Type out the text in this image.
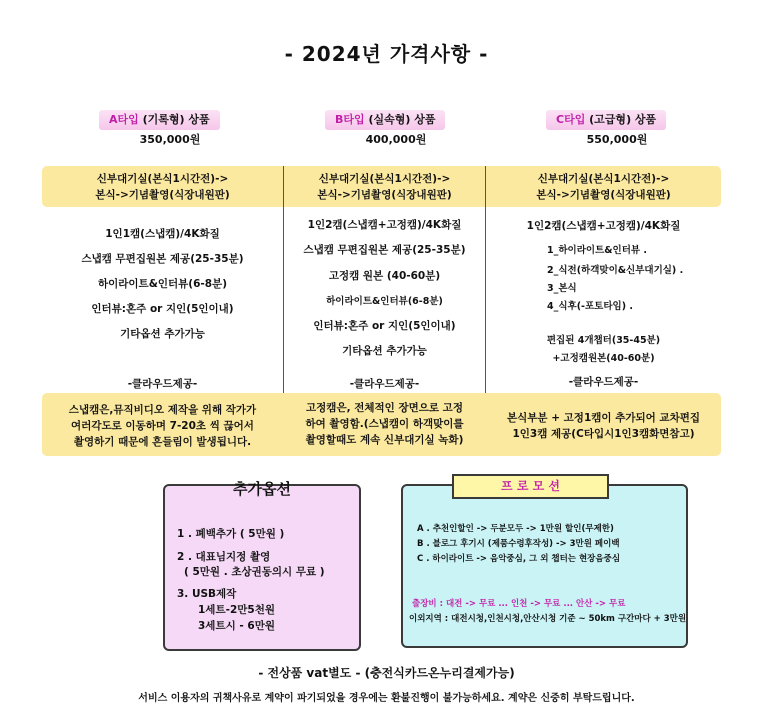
- 2024년 가격사항 -
A타입 (기록형) 상품
350,000원
B타입 (실속형) 상품
400,000원
C타입 (고급형) 상품
550,000원
신부대기실(본식1시간전)->
본식->기념촬영(식장내원판)
신부대기실(본식1시간전)->
본식->기념촬영(식장내원판)
신부대기실(본식1시간전)->
본식->기념촬영(식장내원판)
1인1캠(스냅캠)/4K화질
스냅캠 무편집원본 제공(25-35분)
하이라이트&인터뷰(6-8분)
인터뷰:혼주 or 지인(5인이내)
기타옵션 추가가능
-클라우드제공-
1인2캠(스냅캠+고정캠)/4K화질
스냅캠 무편집원본 제공(25-35분)
고정캠 원본 (40-60분)
하이라이트&인터뷰(6-8분)
인터뷰:혼주 or 지인(5인이내)
기타옵션 추가가능
-클라우드제공-
1인2캠(스냅캠+고정캠)/4K화질
1_하이라이트&인터뷰 .
2_식전(하객맞이&신부대기실) .
3_본식
4_식후(-포토타임) .
편집된 4개챕터(35-45분)
+고정캠원본(40-60분)
-클라우드제공-
스냅캠은,뮤직비디오 제작을 위해 작가가
여러각도로 이동하며 7-20초 씩 끊어서
촬영하기 때문에 흔들림이 발생됩니다.
고정캠은, 전체적인 장면으로 고정
하여 촬영함.(스냅캠이 하객맞이를
촬영할때도 계속 신부대기실 녹화)
본식부분 + 고정1캠이 추가되어 교차편집
1인3캠 제공(C타입시1인3캠화면참고)
추가옵션
1 . 폐백추가 ( 5만원 )
2 . 대표님지정 촬영
( 5만원 . 초상권동의시 무료 )
3. USB제작
1세트-2만5천원
3세트시 - 6만원
프 로 모 션
A . 추천인할인 -> 두분모두 -> 1만원 할인(무제한)
B . 블로그 후기시 (제품수령후작성) -> 3만원 페이백
C . 하이라이트 -> 음악중심, 그 외 챕터는 현장음중심
출장비 : 대전 -> 무료 ... 인천 -> 무료 ... 안산 -> 무료
이외지역 : 대전시청,인천시청,안산시청 기준 ~ 50km 구간마다 + 3만원
- 전상품 vat별도 - (충전식카드온누리결제가능)
서비스 이용자의 귀책사유로 계약이 파기되었을 경우에는 환불진행이 불가능하세요. 계약은 신중히 부탁드립니다.
